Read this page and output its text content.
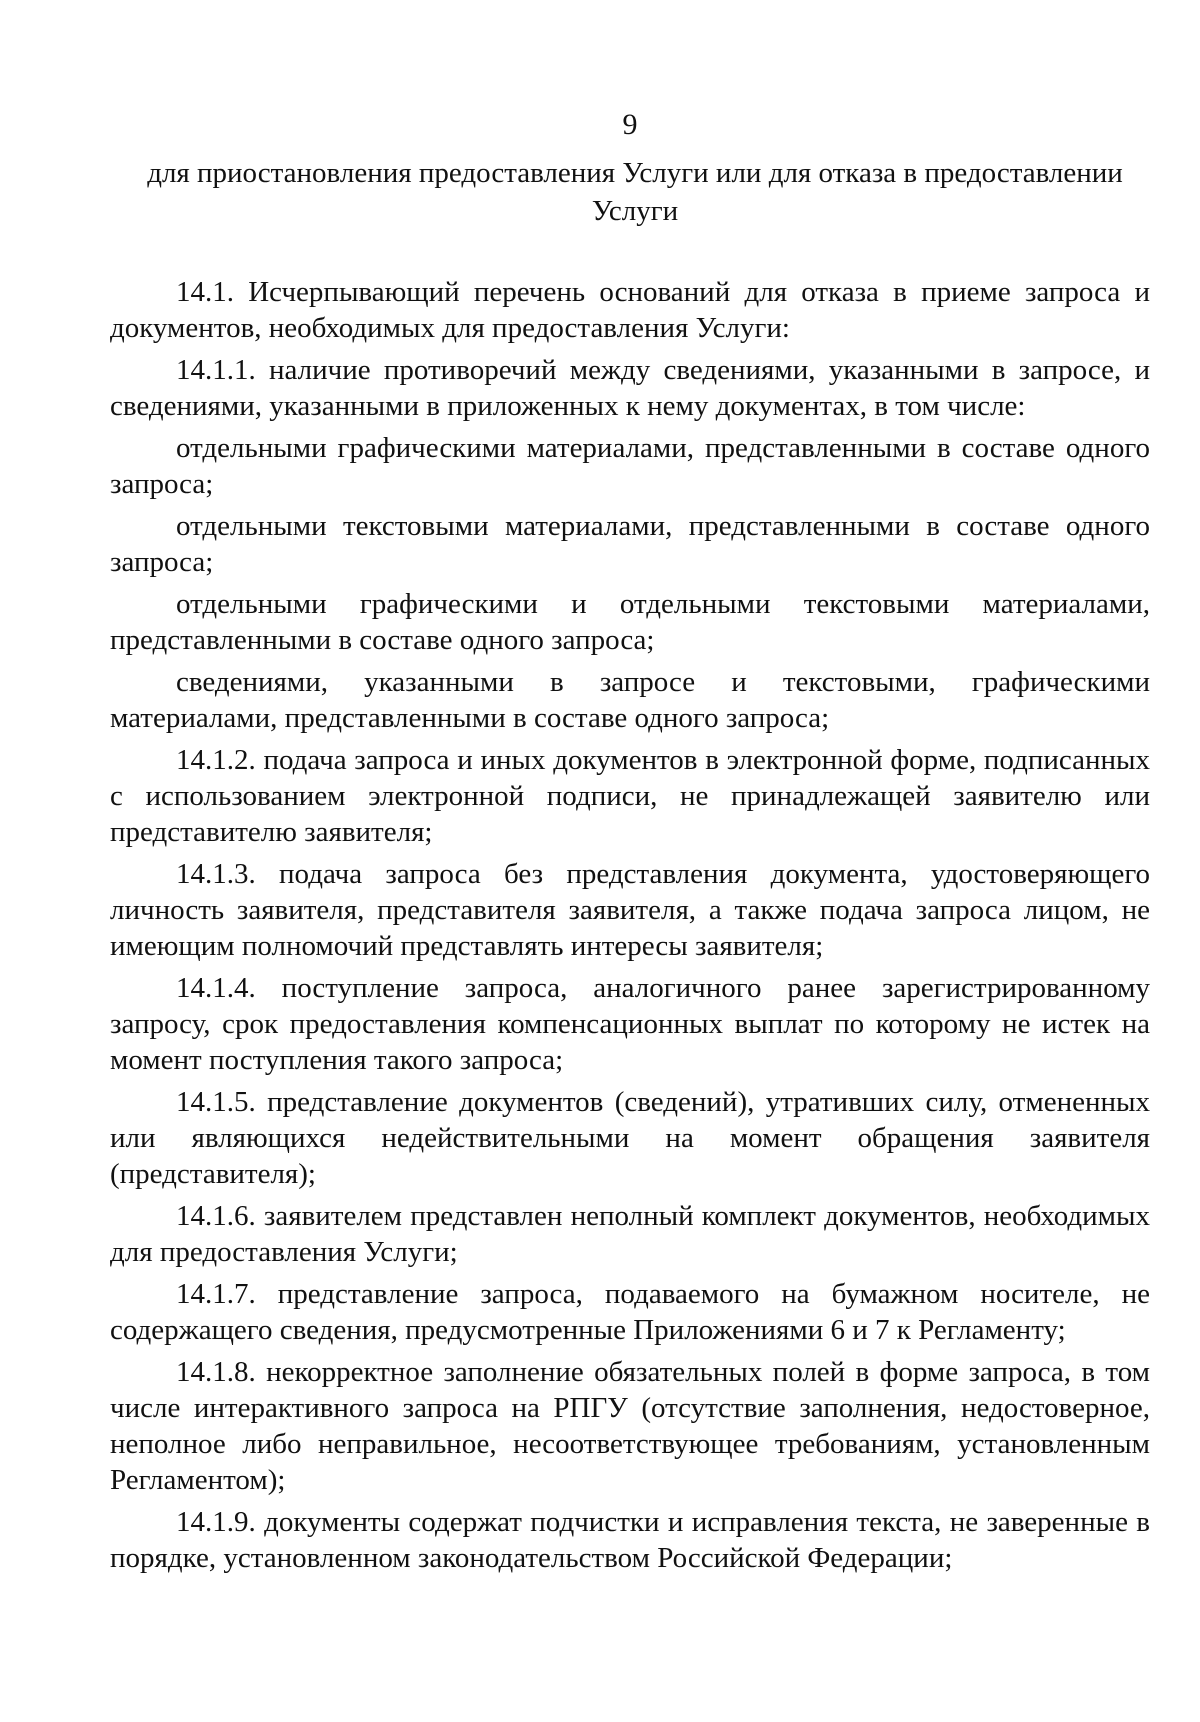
9
для приостановления предоставления Услуги или для отказа в предоставлении Услуги

14.1. Исчерпывающий перечень оснований для отказа в приеме запроса и документов, необходимых для предоставления Услуги:

14.1.1. наличие противоречий между сведениями, указанными в запросе, и сведениями, указанными в приложенных к нему документах, в том числе:

отдельными графическими материалами, представленными в составе одного запроса;

отдельными текстовыми материалами, представленными в составе одного запроса;

отдельными графическими и отдельными текстовыми материалами, представленными в составе одного запроса;

сведениями, указанными в запросе и текстовыми, графическими материалами, представленными в составе одного запроса;

14.1.2. подача запроса и иных документов в электронной форме, подписанных с использованием электронной подписи, не принадлежащей заявителю или представителю заявителя;

14.1.3. подача запроса без представления документа, удостоверяющего личность заявителя, представителя заявителя, а также подача запроса лицом, не имеющим полномочий представлять интересы заявителя;

14.1.4. поступление запроса, аналогичного ранее зарегистрированному запросу, срок предоставления компенсационных выплат по которому не истек на момент поступления такого запроса;

14.1.5. представление документов (сведений), утративших силу, отмененных или являющихся недействительными на момент обращения заявителя (представителя);

14.1.6. заявителем представлен неполный комплект документов, необходимых для предоставления Услуги;

14.1.7. представление запроса, подаваемого на бумажном носителе, не содержащего сведения, предусмотренные Приложениями 6 и 7 к Регламенту;

14.1.8. некорректное заполнение обязательных полей в форме запроса, в том числе интерактивного запроса на РПГУ (отсутствие заполнения, недостоверное, неполное либо неправильное, несоответствующее требованиям, установленным Регламентом);

14.1.9. документы содержат подчистки и исправления текста, не заверенные в порядке, установленном законодательством Российской Федерации;
